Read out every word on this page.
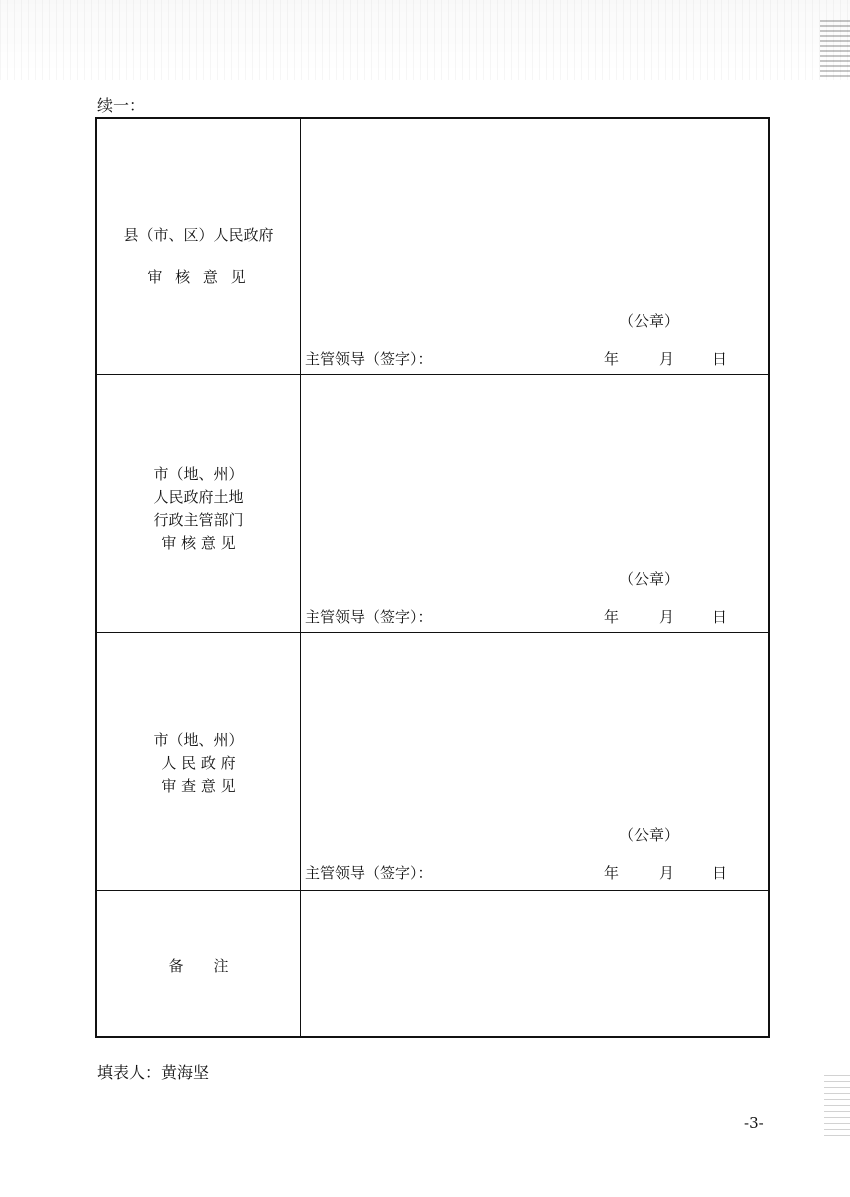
续一：
县（市、区）人民政府
审 核 意 见

（公章）
主管领导（签字）：	年	月	日

市（地、州）
人民政府土地
行政主管部门
审 核 意 见

（公章）
主管领导（签字）：	年	月	日

市（地、州）
人 民 政 府
审 查 意 见

（公章）
主管领导（签字）：	年	月	日

备　　注	

填表人：黄海坚
-3-
